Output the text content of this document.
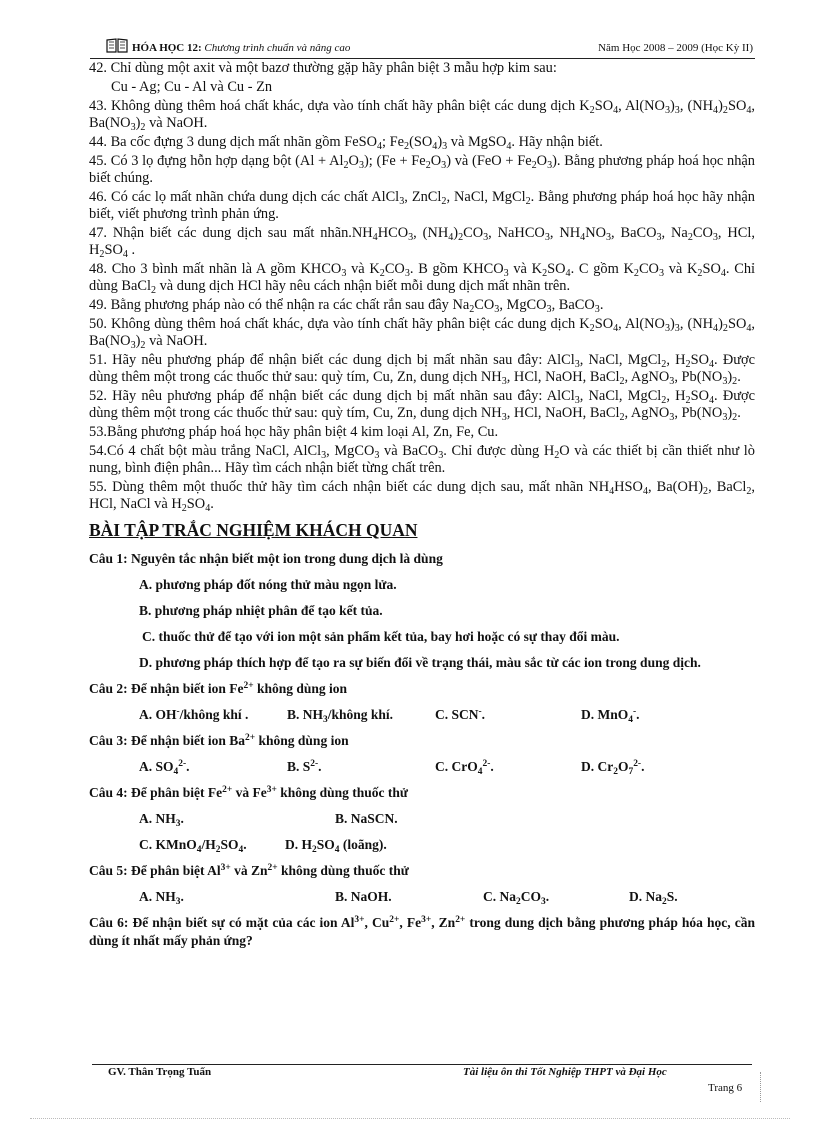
HÓA HỌC 12: Chương trình chuẩn và nâng cao	Năm Học 2008 – 2009 (Học Kỳ II)

42. Chỉ dùng một axit và một bazơ thường gặp hãy phân biệt 3 mẫu hợp kim sau:

Cu - Ag; Cu - Al và Cu - Zn

43. Không dùng thêm hoá chất khác, dựa vào tính chất hãy phân biệt các dung dịch $K_2SO_4$, $Al(NO_3)_3$, $(NH_4)_2SO_4$, $Ba(NO_3)_2$ và NaOH.

44. Ba cốc đựng 3 dung dịch mất nhãn gồm FeSO$_4$; $Fe_2(SO_4)_3$ và MgSO$_4$. Hãy nhận biết.

45. Có 3 lọ đựng hỗn hợp dạng bột $(Al + Al_2O_3)$; $(Fe + Fe_2O_3)$ và $(FeO + Fe_2O_3)$. Bằng phương pháp hoá học nhận biết chúng.

46. Có các lọ mất nhãn chứa dung dịch các chất AlCl$_3$, ZnCl$_2$, NaCl, MgCl$_2$. Bằng phương pháp hoá học hãy nhận biết, viết phương trình phản ứng.

47. Nhận biết các dung dịch sau mất $nhãn.NH_4HCO_3$, $(NH_4)_2CO_3$, NaHCO$_3$, $NH_4NO_3$, BaCO$_3$, $Na_2CO_3$, HCl, $H_2SO_4$ .

48. Cho 3 bình mất nhãn là A gồm $KHCO_3$ và $K_2CO_3$. B gồm $KHCO_3$ và $K_2SO_4$. C gồm $K_2CO_3$ và $K_2SO_4$. Chỉ dùng BaCl$_2$ và dung dịch HCl hãy nêu cách nhận biết mỗi dung dịch mất nhãn trên.

49. Bằng phương pháp nào có thể nhận ra các chất rắn sau đây $Na_2CO_3$, MgCO$_3$, BaCO$_3$.

50. Không dùng thêm hoá chất khác, dựa vào tính chất hãy phân biệt các dung dịch $K_2SO_4$, $Al(NO_3)_3$, $(NH_4)_2SO_4$, $Ba(NO_3)_2$ và NaOH.

51. Hãy nêu phương pháp để nhận biết các dung dịch bị mất nhãn sau đây: AlCl$_3$, NaCl, MgCl$_2$, $H_2SO_4$. Được dùng thêm một trong các thuốc thử sau: quỳ tím, Cu, Zn, dung dịch $NH_3$, HCl, NaOH, BaCl$_2$, AgNO$_3$, $Pb(NO_3)_2$.

52. Hãy nêu phương pháp để nhận biết các dung dịch bị mất nhãn sau đây: AlCl$_3$, NaCl, MgCl$_2$, $H_2SO_4$. Được dùng thêm một trong các thuốc thử sau: quỳ tím, Cu, Zn, dung dịch $NH_3$, HCl, NaOH, BaCl$_2$, AgNO$_3$, $Pb(NO_3)_2$.

53.Bằng phương pháp hoá học hãy phân biệt 4 kim loại Al, Zn, Fe, Cu.

54.Có 4 chất bột màu trắng NaCl, AlCl$_3$, MgCO$_3$ và BaCO$_3$. Chỉ được dùng $H_2O$ và các thiết bị cần thiết như lò nung, bình điện phân... Hãy tìm cách nhận biết từng chất trên.

55. Dùng thêm một thuốc thử hãy tìm cách nhận biết các dung dịch sau, mất nhãn $NH_4HSO_4$, $Ba(OH)_2$, BaCl$_2$, HCl, NaCl và $H_2SO_4$.

BÀI TẬP TRẮC NGHIỆM KHÁCH QUAN

Câu 1: Nguyên tắc nhận biết một ion trong dung dịch là dùng

A. phương pháp đốt nóng thử màu ngọn lửa.

B. phương pháp nhiệt phân để tạo kết tủa.

C. thuốc thử để tạo với ion một sản phẩm kết tủa, bay hơi hoặc có sự thay đổi màu.

D. phương pháp thích hợp để tạo ra sự biến đổi về trạng thái, màu sắc từ các ion trong dung dịch.

Câu 2: Để nhận biết ion $Fe^{2+}$ không dùng ion

A. OH-/không khí .	B. $NH_3$/không khí.	C. SCN-.	D. MnO$_4$-.

Câu 3: Để nhận biết ion $Ba^{2+}$ không dùng ion

A. $SO_4^{2-}$.	B. $S^{2-}$.	C. CrO$_4^{2-}$.	D. $Cr_2O_7^{2-}$.

Câu 4: Để phân biệt $Fe^{2+}$ và $Fe^{3+}$ không dùng thuốc thử

A. $NH_3$.	B. NaSCN.
C. $KMnO_4/H_2SO_4$.	D. $H_2SO_4$ (loãng).

Câu 5: Để phân biệt $Al^{3+}$ và $Zn^{2+}$ không dùng thuốc thử

A. $NH_3$.	B. NaOH.	C. $Na_2CO_3$.	D. $Na_2S$.

Câu 6: Để nhận biết sự có mặt của các ion $Al^{3+}$, $Cu^{2+}$, $Fe^{3+}$, $Zn^{2+}$ trong dung dịch bằng phương pháp hóa học, cần dùng ít nhất mấy phản ứng?

GV. Thân Trọng Tuấn	Tài liệu ôn thi Tốt Nghiệp THPT và Đại Học
Trang 6
